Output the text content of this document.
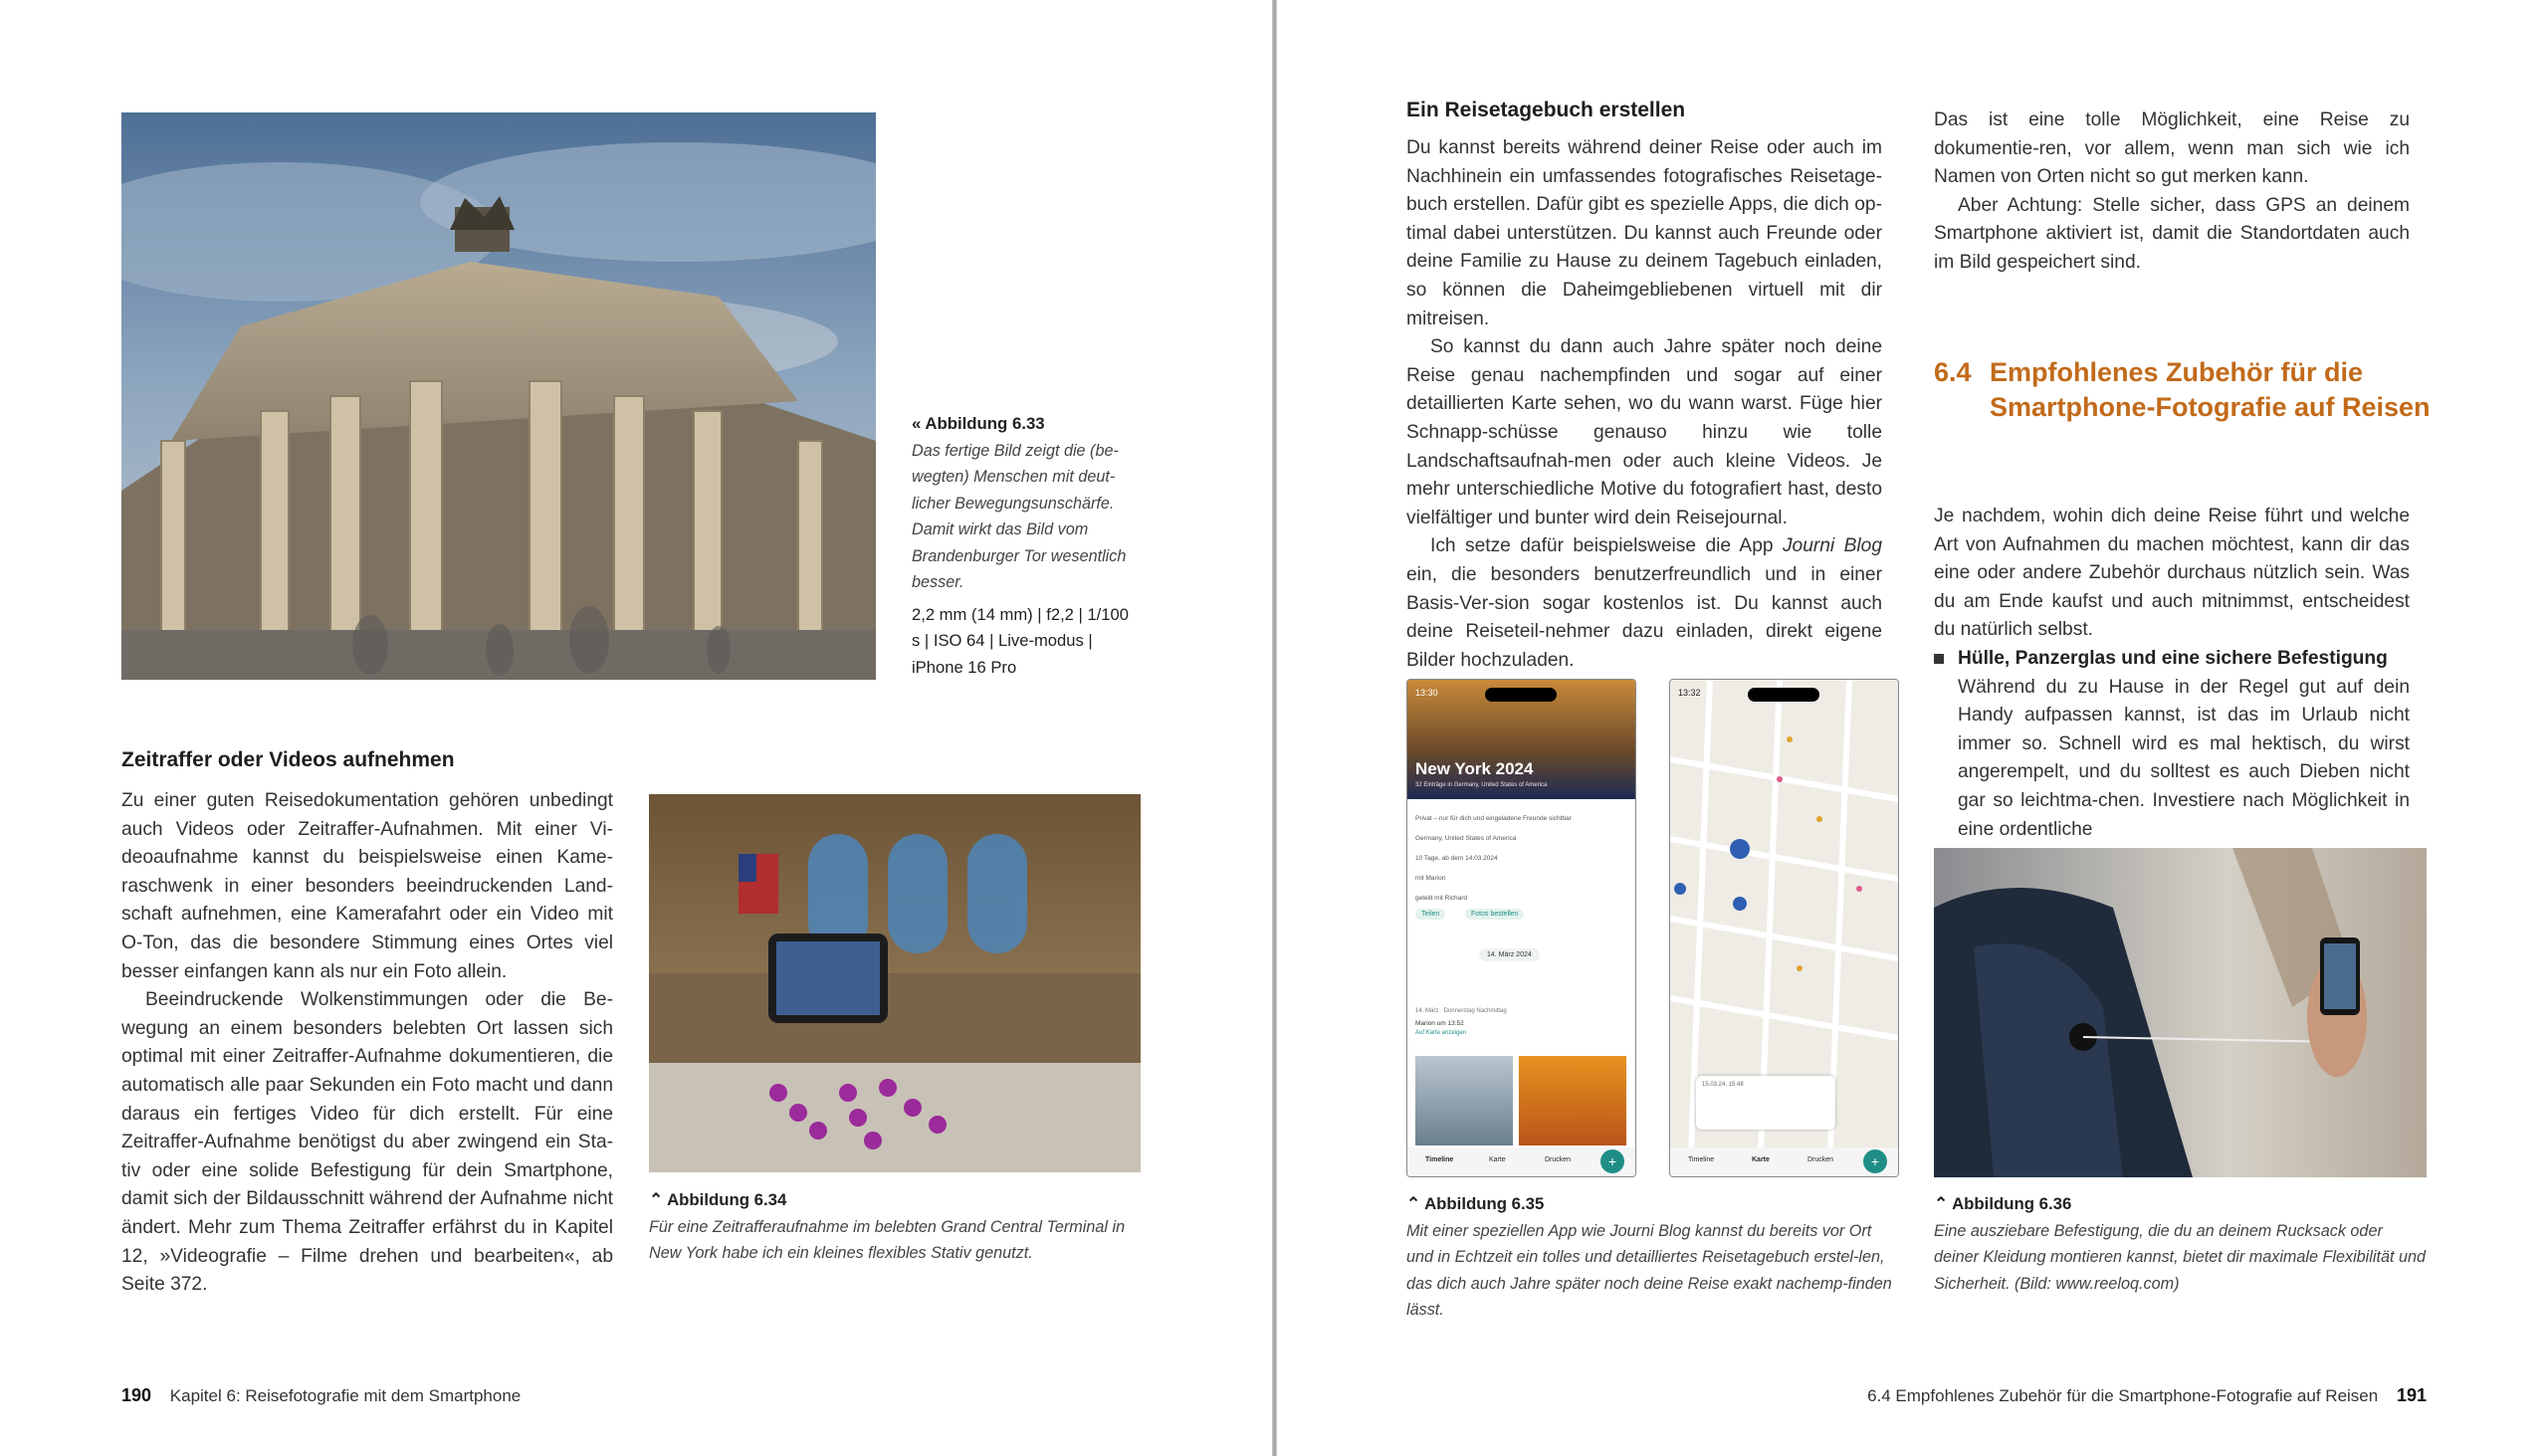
« Abbildung 6.33
Das fertige Bild zeigt die (be-wegten) Menschen mit deut-licher Bewegungsunschärfe. Damit wirkt das Bild vom Brandenburger Tor wesentlich besser.
2,2 mm (14 mm) | f2,2 | 1/100 s | ISO 64 | Live-modus | iPhone 16 Pro
Zeitraffer oder Videos aufnehmen

Zu einer guten Reisedokumentation gehören unbedingt auch Videos oder Zeitraffer-Aufnahmen. Mit einer Vi-deoaufnahme kannst du beispielsweise einen Kame-raschwenk in einer besonders beeindruckenden Land-schaft aufnehmen, eine Kamerafahrt oder ein Video mit O-Ton, das die besondere Stimmung eines Ortes viel besser einfangen kann als nur ein Foto allein.

Beeindruckende Wolkenstimmungen oder die Be-wegung an einem besonders belebten Ort lassen sich optimal mit einer Zeitraffer-Aufnahme dokumentieren, die automatisch alle paar Sekunden ein Foto macht und dann daraus ein fertiges Video für dich erstellt. Für eine Zeitraffer-Aufnahme benötigst du aber zwingend ein Sta-tiv oder eine solide Befestigung für dein Smartphone, damit sich der Bildausschnitt während der Aufnahme nicht ändert. Mehr zum Thema Zeitraffer erfährst du in Kapitel 12, »Videografie – Filme drehen und bearbeiten«, ab Seite 372.

⌃ Abbildung 6.34
Für eine Zeitrafferaufnahme im belebten Grand Central Terminal in New York habe ich ein kleines flexibles Stativ genutzt.
190 Kapitel 6: Reisefotografie mit dem Smartphone
Ein Reisetagebuch erstellen

Du kannst bereits während deiner Reise oder auch im Nachhinein ein umfassendes fotografisches Reisetage-buch erstellen. Dafür gibt es spezielle Apps, die dich op-timal dabei unterstützen. Du kannst auch Freunde oder deine Familie zu Hause zu deinem Tagebuch einladen, so können die Daheimgebliebenen virtuell mit dir mitreisen.

So kannst du dann auch Jahre später noch deine Reise genau nachempfinden und sogar auf einer detaillierten Karte sehen, wo du wann warst. Füge hier Schnapp-schüsse genauso hinzu wie tolle Landschaftsaufnah-men oder auch kleine Videos. Je mehr unterschiedliche Motive du fotografiert hast, desto vielfältiger und bunter wird dein Reisejournal.

Ich setze dafür beispielsweise die App Journi Blog ein, die besonders benutzerfreundlich und in einer Basis-Ver-sion sogar kostenlos ist. Du kannst auch deine Reiseteil-nehmer dazu einladen, direkt eigene Bilder hochzuladen.

Das ist eine tolle Möglichkeit, eine Reise zu dokumentie-ren, vor allem, wenn man sich wie ich Namen von Orten nicht so gut merken kann.

Aber Achtung: Stelle sicher, dass GPS an deinem Smartphone aktiviert ist, damit die Standortdaten auch im Bild gespeichert sind.

6.4 Empfohlenes Zubehör für die Smartphone-Fotografie auf Reisen
Je nachdem, wohin dich deine Reise führt und welche Art von Aufnahmen du machen möchtest, kann dir das eine oder andere Zubehör durchaus nützlich sein. Was du am Ende kaufst und auch mitnimmst, entscheidest du natürlich selbst.
Hülle, Panzerglas und eine sichere Befestigung
Während du zu Hause in der Regel gut auf dein Handy aufpassen kannst, ist das im Urlaub nicht immer so. Schnell wird es mal hektisch, du wirst angerempelt, und du solltest es auch Dieben nicht gar so leichtma-chen. Investiere nach Möglichkeit in eine ordentliche
13:30
New York 2024
32 Einträge in Germany, United States of America
Privat – nur für dich und eingeladene Freunde sichtbar
Germany, United States of America
10 Tage, ab dem 14.03.2024
mit Marion
geteilt mit Richard
Teilen	Fotos bestellen
14. März 2024
14. März · Donnerstag Nachmittag
Marion um 13:52
Auf Karte anzeigen
Timeline	Karte	Drucken	+
13:32
15.03.24, 15:48
Timeline	Karte	Drucken	+
⌃ Abbildung 6.35
Mit einer speziellen App wie Journi Blog kannst du bereits vor Ort und in Echtzeit ein tolles und detailliertes Reisetagebuch erstel-len, das dich auch Jahre später noch deine Reise exakt nachemp-finden lässt.
⌃ Abbildung 6.36
Eine ausziebare Befestigung, die du an deinem Rucksack oder deiner Kleidung montieren kannst, bietet dir maximale Flexibilität und Sicherheit. (Bild: www.reeloq.com)
6.4 Empfohlenes Zubehör für die Smartphone-Fotografie auf Reisen 191
